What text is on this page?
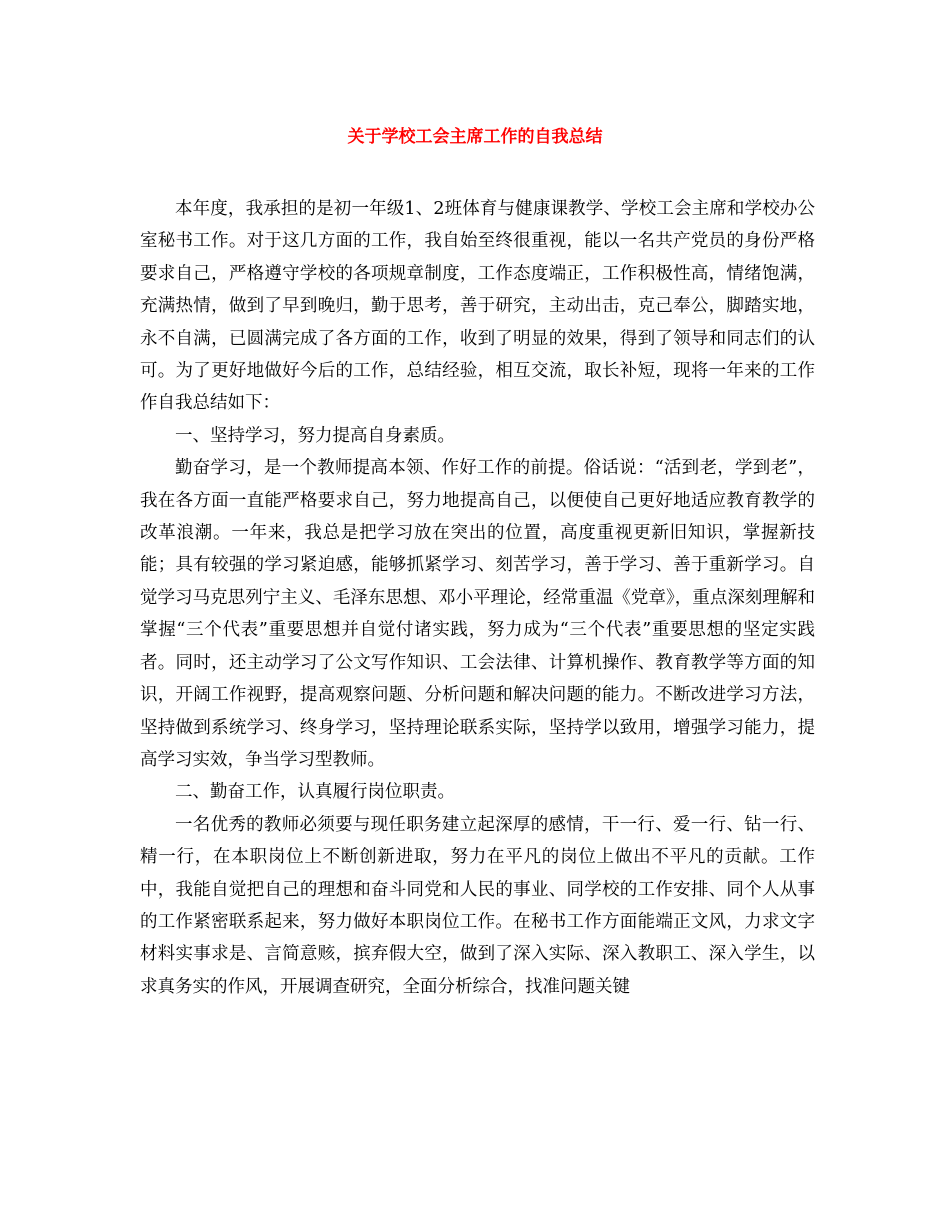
关于学校工会主席工作的自我总结

本年度，我承担的是初一年级1、2班体育与健康课教学、学校工会主席和学校办公室秘书工作。对于这几方面的工作，我自始至终很重视，能以一名共产党员的身份严格要求自己，严格遵守学校的各项规章制度，工作态度端正，工作积极性高，情绪饱满，充满热情，做到了早到晚归，勤于思考，善于研究，主动出击，克己奉公，脚踏实地，永不自满，已圆满完成了各方面的工作，收到了明显的效果，得到了领导和同志们的认可。为了更好地做好今后的工作，总结经验，相互交流，取长补短，现将一年来的工作作自我总结如下：

一、坚持学习，努力提高自身素质。

勤奋学习，是一个教师提高本领、作好工作的前提。俗话说：“活到老，学到老”，我在各方面一直能严格要求自己，努力地提高自己，以便使自己更好地适应教育教学的改革浪潮。一年来，我总是把学习放在突出的位置，高度重视更新旧知识，掌握新技能；具有较强的学习紧迫感，能够抓紧学习、刻苦学习，善于学习、善于重新学习。自觉学习马克思列宁主义、毛泽东思想、邓小平理论，经常重温《党章》，重点深刻理解和掌握“三个代表”重要思想并自觉付诸实践，努力成为“三个代表”重要思想的坚定实践者。同时，还主动学习了公文写作知识、工会法律、计算机操作、教育教学等方面的知识，开阔工作视野，提高观察问题、分析问题和解决问题的能力。不断改进学习方法，坚持做到系统学习、终身学习，坚持理论联系实际，坚持学以致用，增强学习能力，提高学习实效，争当学习型教师。

二、勤奋工作，认真履行岗位职责。

一名优秀的教师必须要与现任职务建立起深厚的感情，干一行、爱一行、钻一行、精一行，在本职岗位上不断创新进取，努力在平凡的岗位上做出不平凡的贡献。工作中，我能自觉把自己的理想和奋斗同党和人民的事业、同学校的工作安排、同个人从事的工作紧密联系起来，努力做好本职岗位工作。在秘书工作方面能端正文风，力求文字材料实事求是、言简意赅，摈弃假大空，做到了深入实际、深入教职工、深入学生，以求真务实的作风，开展调查研究，全面分析综合，找准问题关键
